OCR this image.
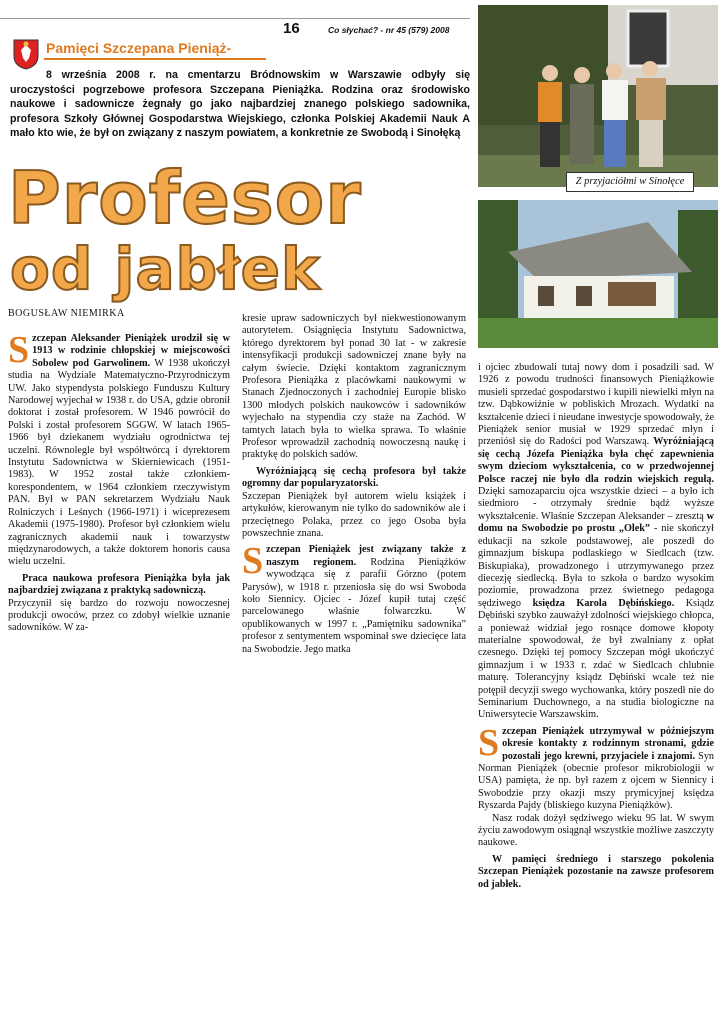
16	Co słychać? - nr 45 (579) 2008
Pamięci Szczepana Pieniąż-
8 września 2008 r. na cmentarzu Bródnowskim w Warszawie odbyły się uroczystości pogrzebowe profesora Szczepana Pieniążka. Rodzina oraz środowisko naukowe i sadownicze żegnały go jako najbardziej znanego polskiego sadownika, profesora Szkoły Głównej Gospodarstwa Wiejskiego, członka Polskiej Akademii Nauk A mało kto wie, że był on związany z naszym powiatem, a konkretnie ze Swobodą i Sinołęką
Profesor
od jabłek
BOGUSŁAW NIEMIRKA
Z przyjaciółmi w Sinołęce

S zczepan Aleksander Pieniążek urodził się w 1913 w rodzinie chłopskiej w miejscowości Sobolew pod Garwolinem. W 1938 ukończył studia na Wydziale Matematyczno-Przyrodniczym UW. Jako stypendysta polskiego Funduszu Kultury Narodowej wyjechał w 1938 r. do USA, gdzie obronił doktorat i został profesorem. W 1946 powrócił do Polski i został profesorem SGGW. W latach 1965-1966 był dziekanem wydziału ogrodnictwa tej uczelni. Równolegle był współtwórcą i dyrektorem Instytutu Sadownictwa w Skierniewicach (1951-1983). W 1952 został także członkiem-korespondentem, w 1964 członkiem rzeczywistym PAN. Był w PAN sekretarzem Wydziału Nauk Rolniczych i Leśnych (1966-1971) i wiceprezesem Akademii (1975-1980). Profesor był członkiem wielu zagranicznych akademii nauk i towarzystw międzynarodowych, a także doktorem honoris causa wielu uczelni.

Praca naukowa profesora Pieniążka była jak najbardziej związana z praktyką sadowniczą.

Przyczynił się bardzo do rozwoju nowoczesnej produkcji owoców, przez co zdobył wielkie uznanie sadowników. W za-

kresie upraw sadowniczych był niekwestionowanym autorytetem. Osiągnięcia Instytutu Sadownictwa, którego dyrektorem był ponad 30 lat - w zakresie intensyfikacji produkcji sadowniczej znane były na całym świecie. Dzięki kontaktom zagranicznym Profesora Pieniążka z placówkami naukowymi w Stanach Zjednoczonych i zachodniej Europie blisko 1300 młodych polskich naukowców i sadowników wyjechało na stypendia czy staże na Zachód. W tamtych latach była to wielka sprawa. To właśnie Profesor wprowadził zachodnią nowoczesną naukę i praktykę do polskich sadów.

Wyróżniającą się cechą profesora był także ogromny dar popularyzatorski.

Szczepan Pieniążek był autorem wielu książek i artykułów, kierowanym nie tylko do sadowników ale i przeciętnego Polaka, przez co jego Osoba była powszechnie znana.

S zczepan Pieniążek jest związany także z naszym regionem. Rodzina Pieniążków wywodząca się z parafii Górzno (potem Parysów), w 1918 r. przeniosła się do wsi Swoboda koło Siennicy. Ojciec - Józef kupił tutaj część parcelowanego właśnie folwarczku. W opublikowanych w 1997 r. „Pamiętniku sadownika” profesor z sentymentem wspominał swe dziecięce lata na Swobodzie. Jego matka

i ojciec zbudowali tutaj nowy dom i posadzili sad. W 1926 z powodu trudności finansowych Pieniążkowie musieli sprzedać gospodarstwo i kupili niewielki młyn na tzw. Dąbkowiźnie w pobliskich Mrozach. Wydatki na kształcenie dzieci i nieudane inwestycje spowodowały, że Pieniążek senior musiał w 1929 sprzedać młyn i przeniósł się do Radości pod Warszawą. Wyróżniającą się cechą Józefa Pieniążka była chęć zapewnienia swym dzieciom wykształcenia, co w przedwojennej Polsce raczej nie było dla rodzin wiejskich regułą. Dzięki samozaparciu ojca wszystkie dzieci – a było ich siedmioro - otrzymały średnie bądź wyższe wykształcenie. Właśnie Szczepan Aleksander – zresztą w domu na Swobodzie po prostu „Olek” - nie skończył edukacji na szkole podstawowej, ale poszedł do gimnazjum biskupa podlaskiego w Siedlcach (tzw. Biskupiaka), prowadzonego i utrzymywanego przez diecezję siedlecką. Była to szkoła o bardzo wysokim poziomie, prowadzona przez świetnego pedagoga sędziwego księdza Karola Dębińskiego. Ksiądz Dębiński szybko zauważył zdolności wiejskiego chłopca, a ponieważ widział jego rosnące domowe kłopoty materialne spowodował, że był zwalniany z opłat czesnego. Dzięki tej pomocy Szczepan mógł ukończyć gimnazjum i w 1933 r. zdać w Siedlcach chlubnie maturę. Tolerancyjny ksiądz Dębiński wcale też nie potępił decyzji swego wychowanka, który poszedł nie do Seminarium Duchownego, a na studia biologiczne na Uniwersytecie Warszawskim.

S zczepan Pieniążek utrzymywał w późniejszym okresie kontakty z rodzinnym stronami, gdzie pozostali jego krewni, przyjaciele i znajomi. Syn Norman Pieniążek (obecnie profesor mikrobiologii w USA) pamięta, że np. był razem z ojcem w Siennicy i Swobodzie przy okazji mszy prymicyjnej księdza Ryszarda Pajdy (bliskiego kuzyna Pieniążków).

Nasz rodak dożył sędziwego wieku 95 lat. W swym życiu zawodowym osiągnął wszystkie możliwe zaszczyty naukowe.

W pamięci średniego i starszego pokolenia Szczepan Pieniążek pozostanie na zawsze profesorem od jabłek.
